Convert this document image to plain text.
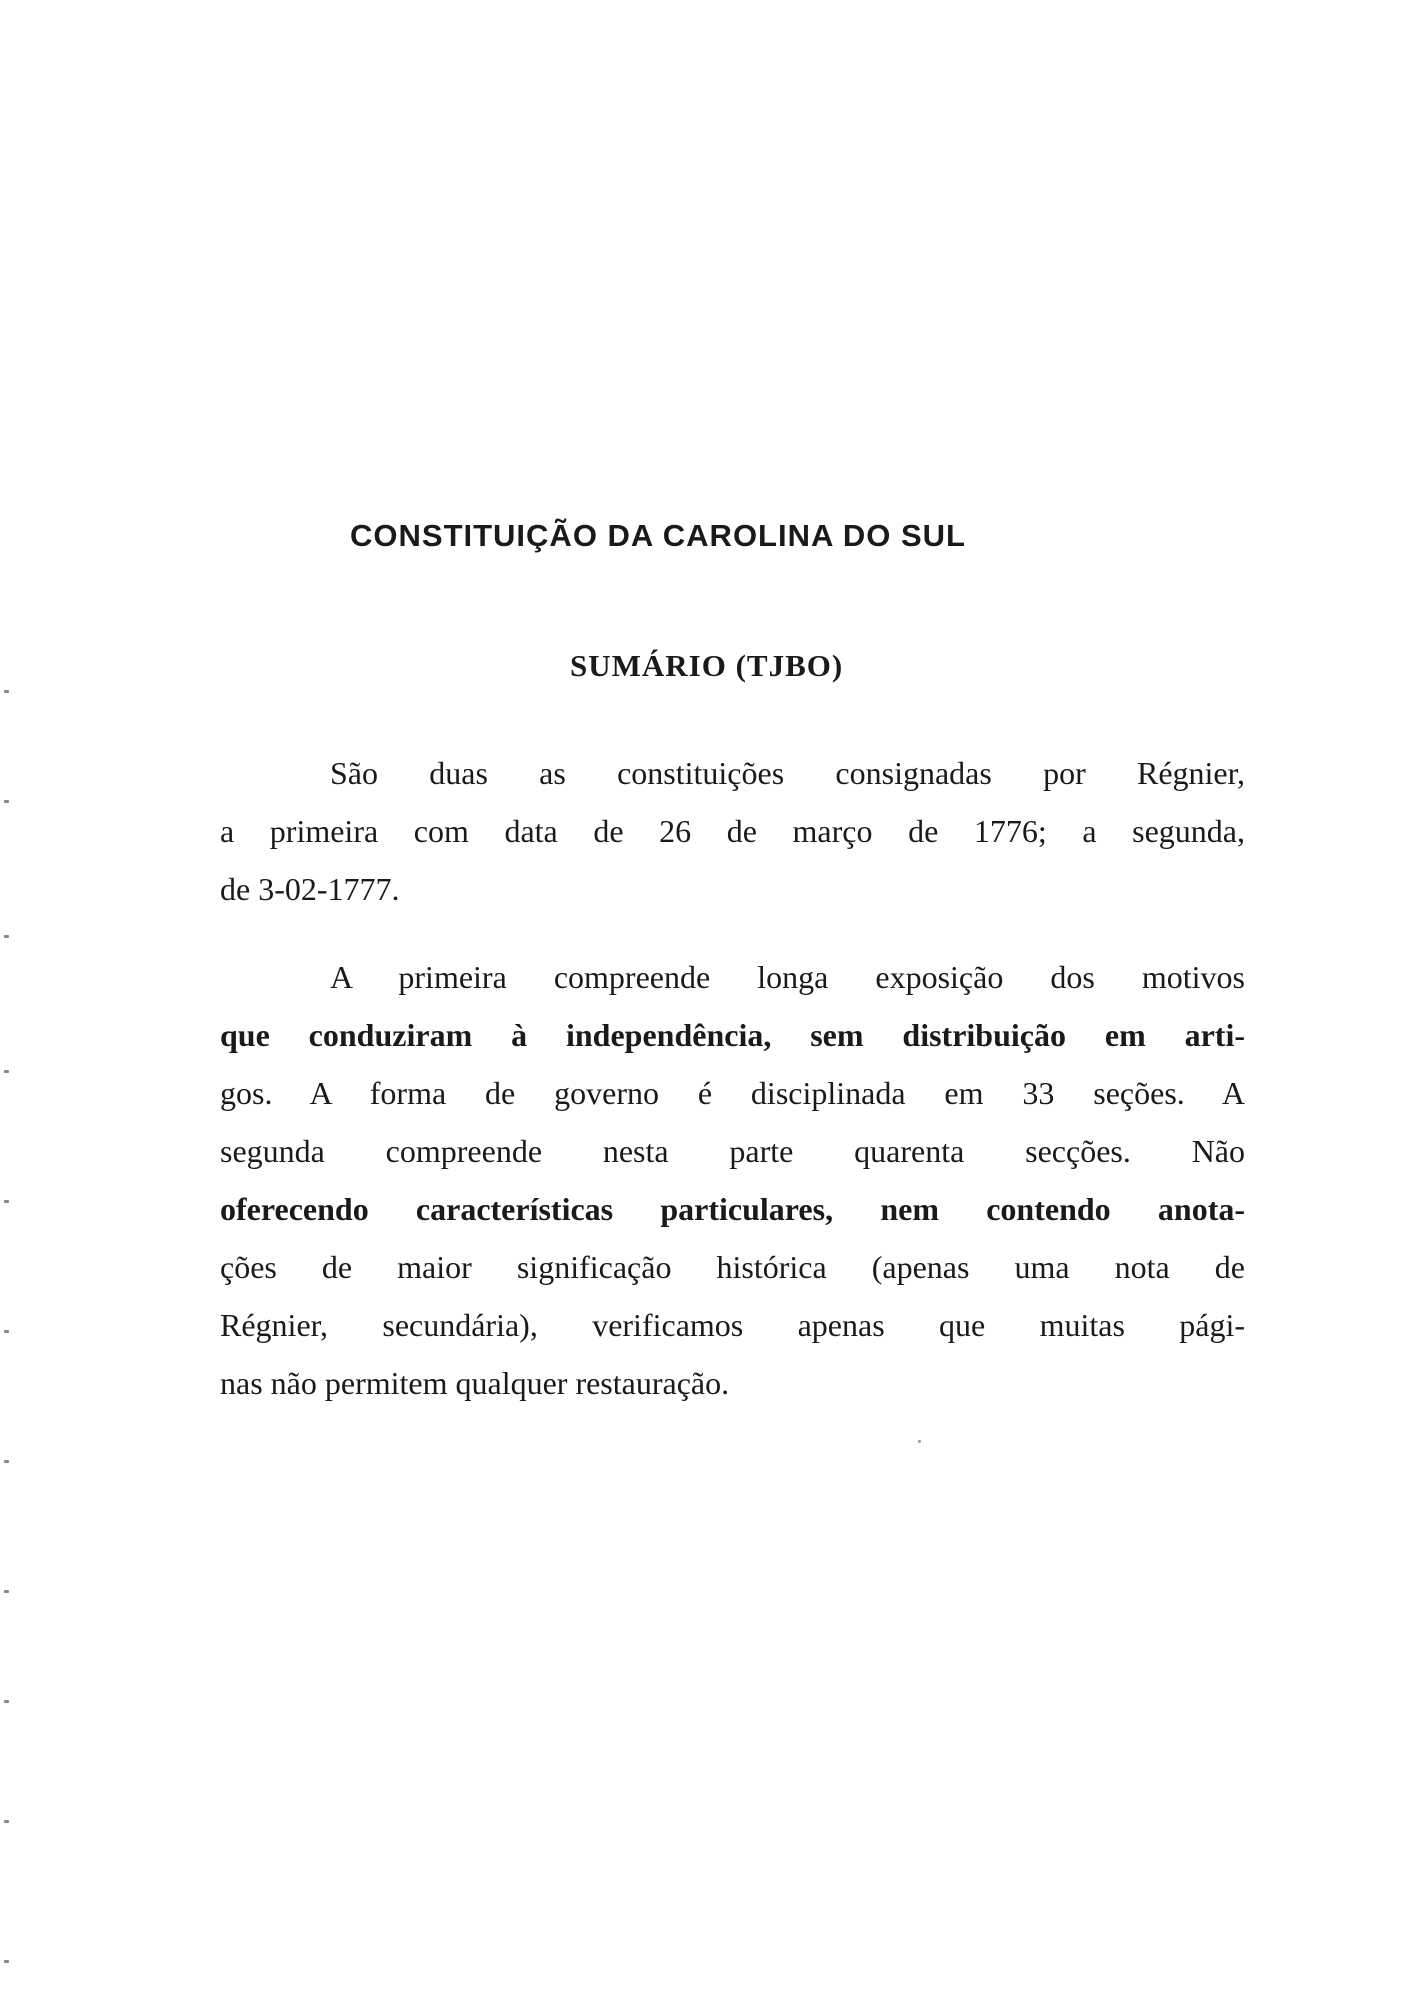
CONSTITUIÇÃO DA CAROLINA DO SUL
SUMÁRIO (TJBO)
São duas as constituições consignadas por Régnier,
a primeira com data de 26 de março de 1776; a segunda,
de 3-02-1777.
A primeira compreende longa exposição dos motivos
que conduziram à independência, sem distribuição em arti-
gos. A forma de governo é disciplinada em 33 seções. A
segunda compreende nesta parte quarenta secções. Não
oferecendo características particulares, nem contendo anota-
ções de maior significação histórica (apenas uma nota de
Régnier, secundária), verificamos apenas que muitas pági-
nas não permitem qualquer restauração.
